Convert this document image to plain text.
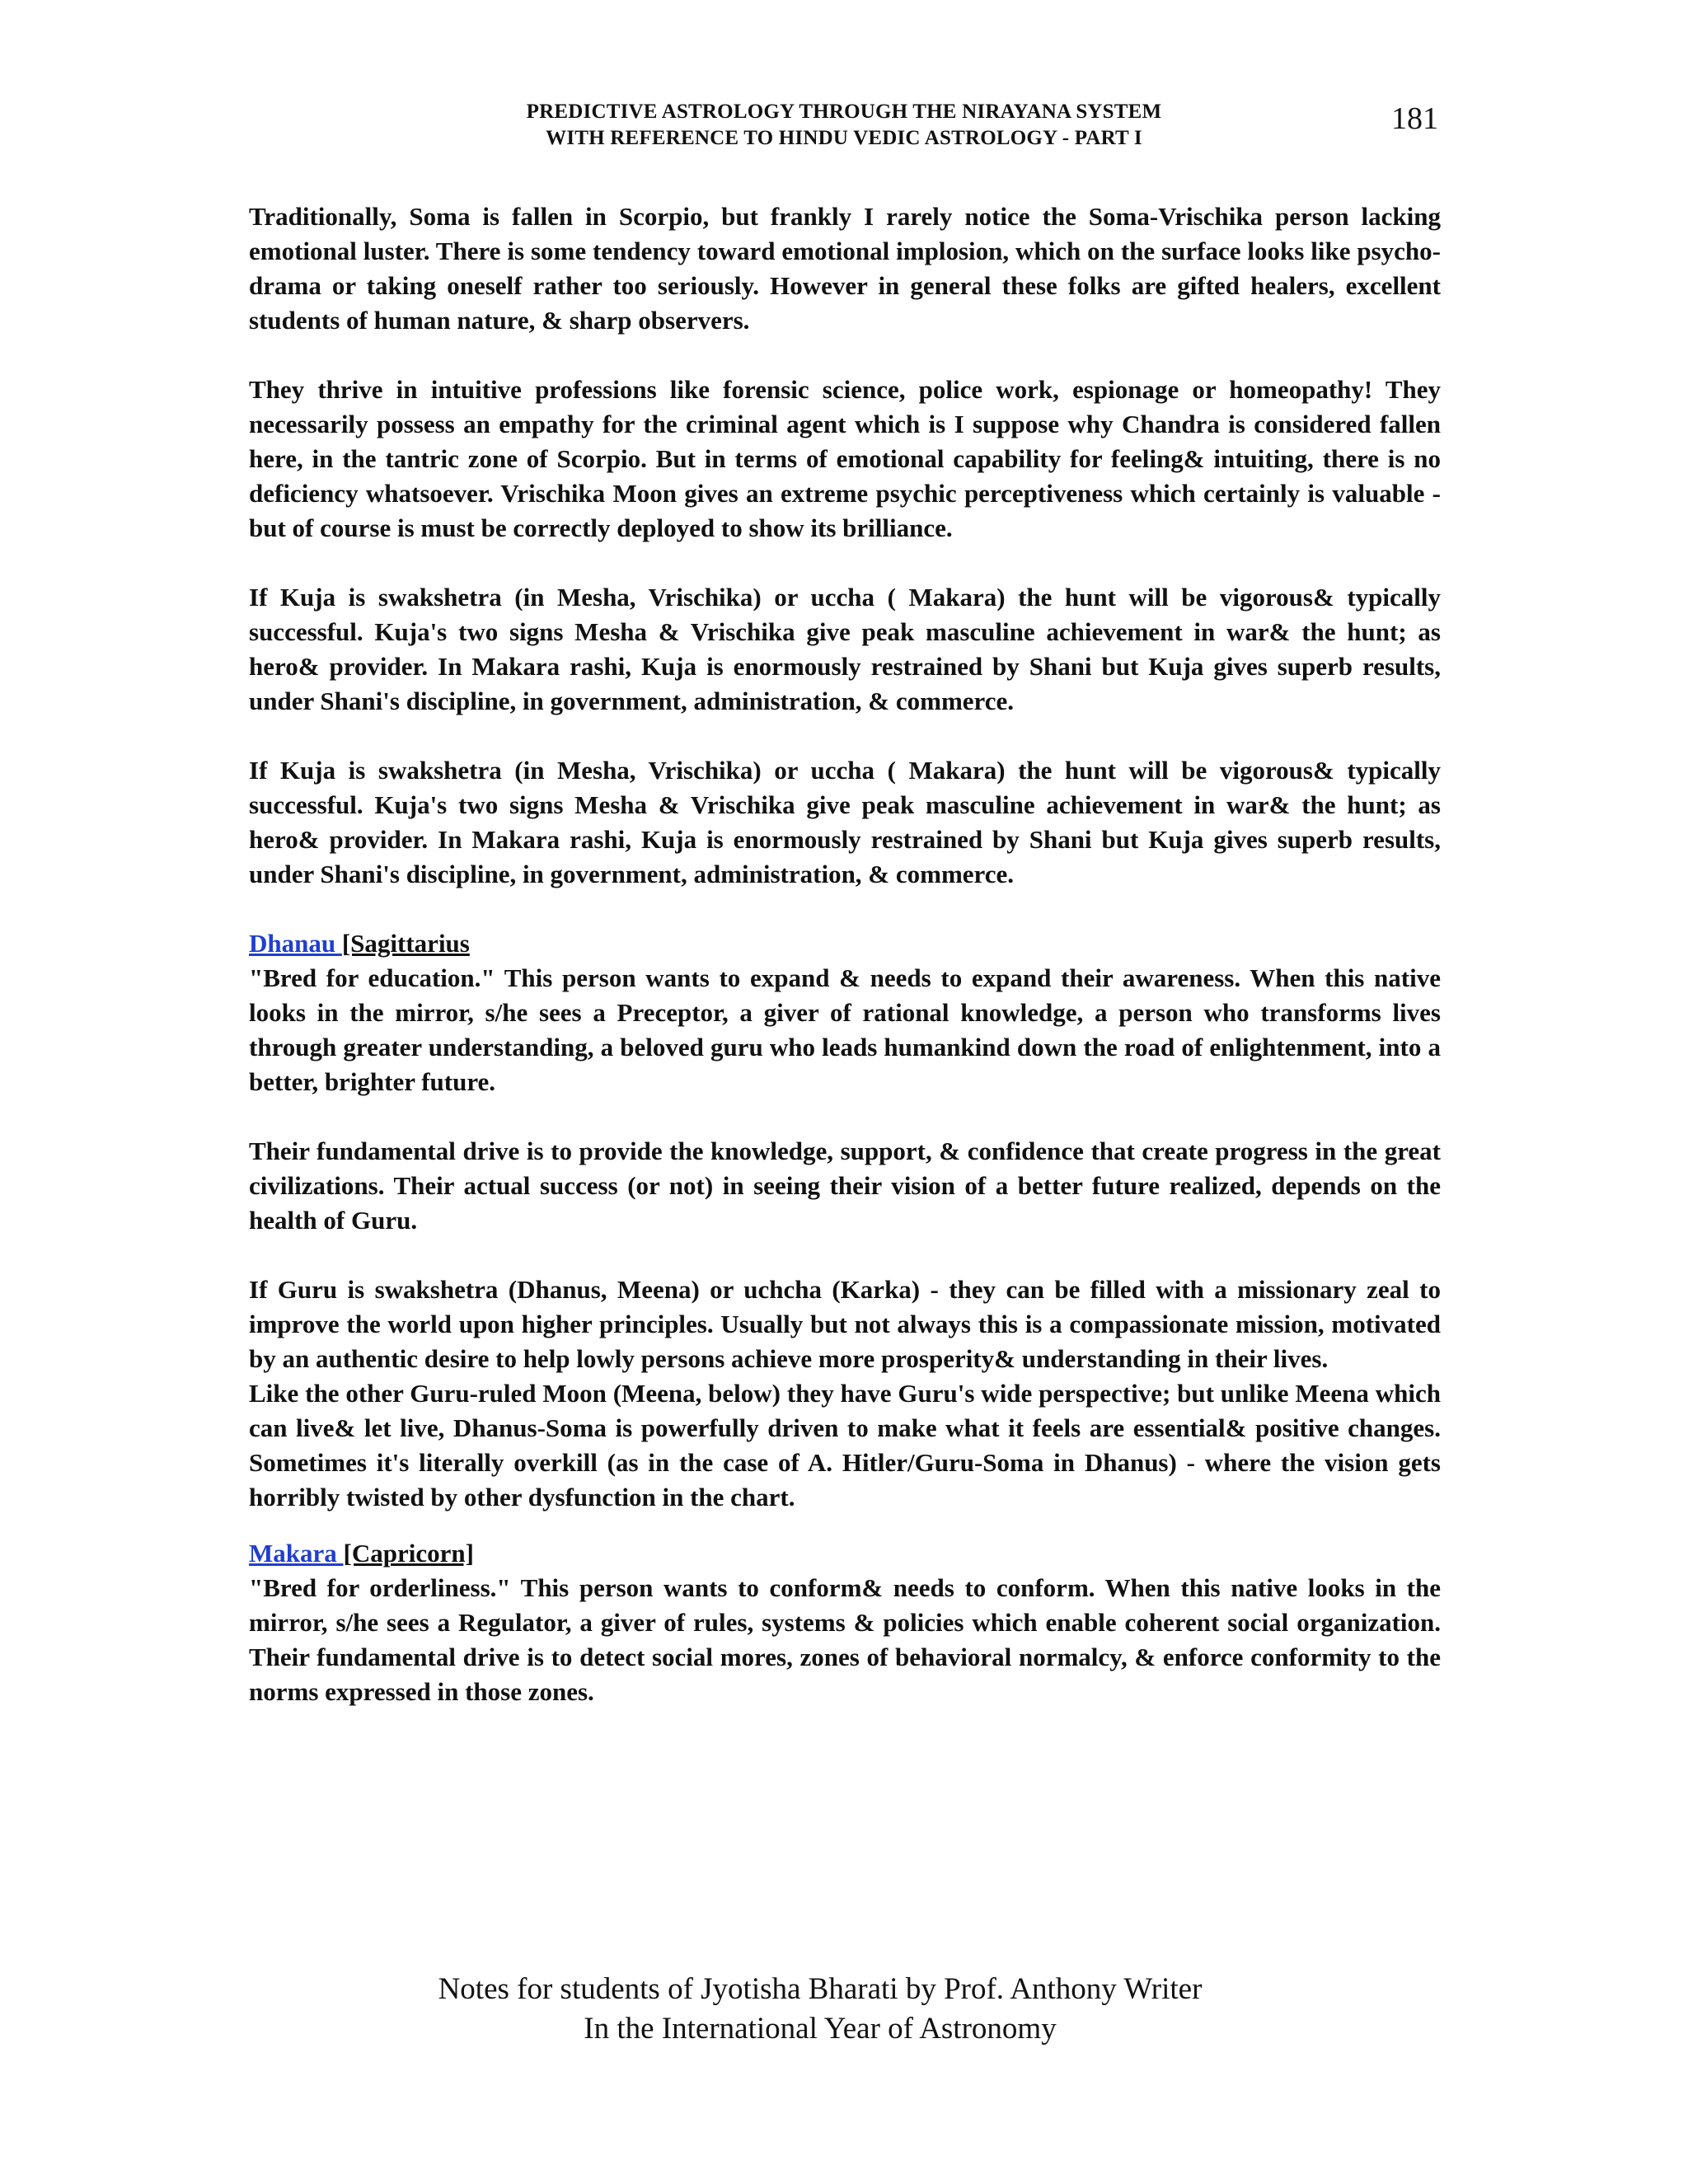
PREDICTIVE ASTROLOGY THROUGH THE NIRAYANA SYSTEM
WITH REFERENCE TO HINDU VEDIC ASTROLOGY - PART I
181

Traditionally, Soma is fallen in Scorpio, but frankly I rarely notice the Soma-Vrischika person lacking emotional luster. There is some tendency toward emotional implosion, which on the surface looks like psycho-drama or taking oneself rather too seriously. However in general these folks are gifted healers, excellent students of human nature, & sharp observers.

They thrive in intuitive professions like forensic science, police work, espionage or homeopathy! They necessarily possess an empathy for the criminal agent which is I suppose why Chandra is considered fallen here, in the tantric zone of Scorpio. But in terms of emotional capability for feeling& intuiting, there is no deficiency whatsoever. Vrischika Moon gives an extreme psychic perceptiveness which certainly is valuable - but of course is must be correctly deployed to show its brilliance.

If Kuja is swakshetra (in Mesha, Vrischika) or uccha ( Makara) the hunt will be vigorous& typically successful. Kuja's two signs Mesha & Vrischika give peak masculine achievement in war& the hunt; as hero& provider. In Makara rashi, Kuja is enormously restrained by Shani but Kuja gives superb results, under Shani's discipline, in government, administration, & commerce.

If Kuja is swakshetra (in Mesha, Vrischika) or uccha ( Makara) the hunt will be vigorous& typically successful. Kuja's two signs Mesha & Vrischika give peak masculine achievement in war& the hunt; as hero& provider. In Makara rashi, Kuja is enormously restrained by Shani but Kuja gives superb results, under Shani's discipline, in government, administration, & commerce.

Dhanau [Sagittarius

"Bred for education." This person wants to expand & needs to expand their awareness. When this native looks in the mirror, s/he sees a Preceptor, a giver of rational knowledge, a person who transforms lives through greater understanding, a beloved guru who leads humankind down the road of enlightenment, into a better, brighter future.

Their fundamental drive is to provide the knowledge, support, & confidence that create progress in the great civilizations. Their actual success (or not) in seeing their vision of a better future realized, depends on the health of Guru.

If Guru is swakshetra (Dhanus, Meena) or uchcha (Karka) - they can be filled with a missionary zeal to improve the world upon higher principles. Usually but not always this is a compassionate mission, motivated by an authentic desire to help lowly persons achieve more prosperity& understanding in their lives.

Like the other Guru-ruled Moon (Meena, below) they have Guru's wide perspective; but unlike Meena which can live& let live, Dhanus-Soma is powerfully driven to make what it feels are essential& positive changes. Sometimes it's literally overkill (as in the case of A. Hitler/Guru-Soma in Dhanus) - where the vision gets horribly twisted by other dysfunction in the chart.

Makara [Capricorn]

"Bred for orderliness." This person wants to conform& needs to conform. When this native looks in the mirror, s/he sees a Regulator, a giver of rules, systems & policies which enable coherent social organization. Their fundamental drive is to detect social mores, zones of behavioral normalcy, & enforce conformity to the norms expressed in those zones.

Notes for students of Jyotisha Bharati by Prof. Anthony Writer
In the International Year of Astronomy
